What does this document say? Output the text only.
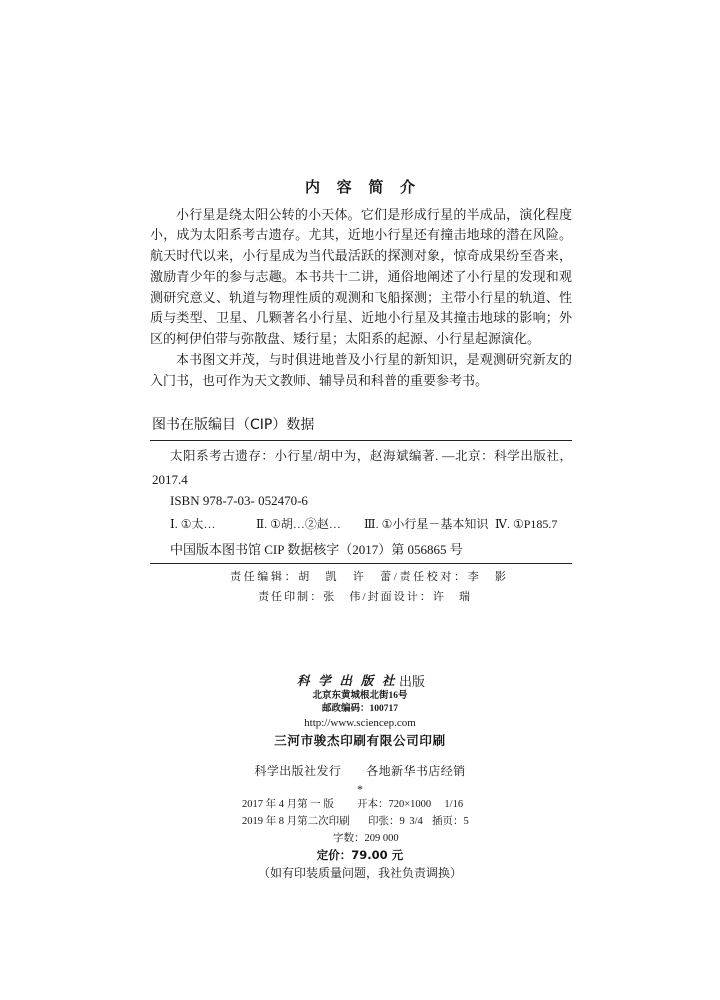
内 容 简 介
小行星是绕太阳公转的小天体。它们是形成行星的半成品，演化程度
小，成为太阳系考古遗存。尤其，近地小行星还有撞击地球的潜在风险。
航天时代以来，小行星成为当代最活跃的探测对象，惊奇成果纷至沓来，
激励青少年的参与志趣。本书共十二讲，通俗地阐述了小行星的发现和观
测研究意义、轨道与物理性质的观测和飞船探测；主带小行星的轨道、性
质与类型、卫星、几颗著名小行星、近地小行星及其撞击地球的影响；外
区的柯伊伯带与弥散盘、矮行星；太阳系的起源、小行星起源演化。
本书图文并茂，与时俱进地普及小行星的新知识，是观测研究新友的
入门书，也可作为天文教师、辅导员和科普的重要参考书。
图书在版编目（CIP）数据
太阳系考古遗存：小行星/胡中为，赵海斌编著. —北京：科学出版社，
2017.4
ISBN 978-7-03- 052470-6
Ⅰ. ①太…	Ⅱ. ①胡…②赵… Ⅲ. ①小行星－基本知识 Ⅳ. ①P185.7
中国版本图书馆 CIP 数据核字（2017）第 056865 号
责任编辑：胡　凯　许　蕾/责任校对：李　影
责任印制：张　伟/封面设计：许　瑞
科学出版社 出版
北京东黄城根北街16号
邮政编码：100717
http://www.sciencep.com
三河市骏杰印刷有限公司印刷
科学出版社发行 各地新华书店经销
*
2017 年 4 月第 一 版 开本：720×1000  1/16
2019 年 8 月第二次印刷 印张：9 3/4  插页：5
字数：209 000
定价：79.00 元
（如有印装质量问题，我社负责调换）
